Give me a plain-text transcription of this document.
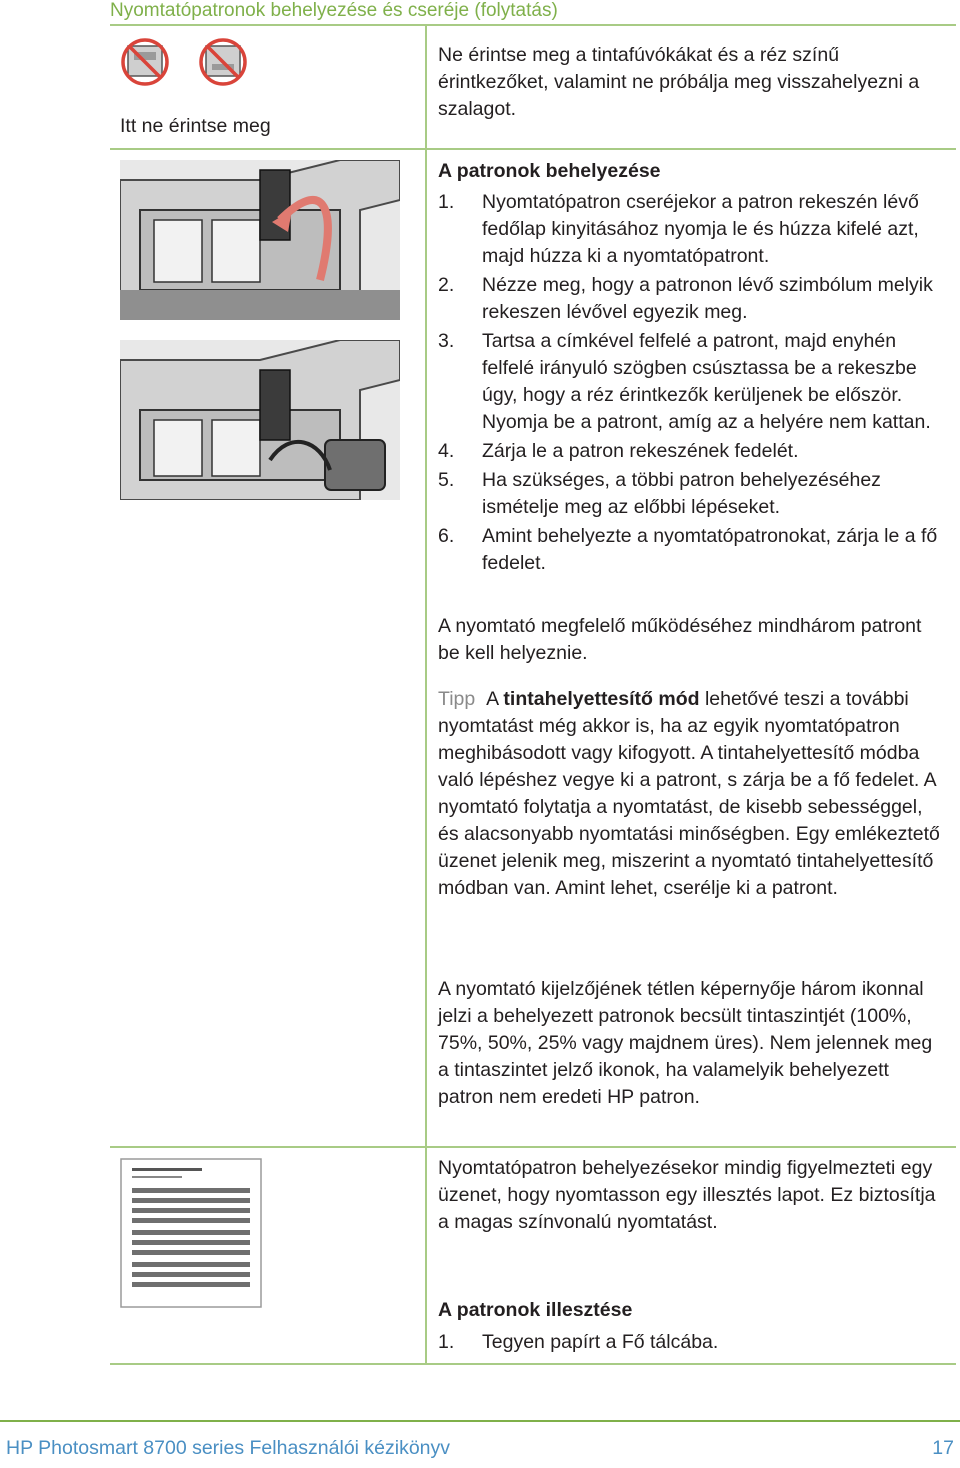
Nyomtatópatronok behelyezése és cseréje (folytatás)
Itt ne érintse meg
Ne érintse meg a tintafúvókákat és a réz színű érintkezőket, valamint ne próbálja meg visszahelyezni a szalagot.
A patronok behelyezése
1. Nyomtatópatron cseréjekor a patron rekeszén lévő fedőlap kinyitásához nyomja le és húzza kifelé azt, majd húzza ki a nyomtatópatront.
2. Nézze meg, hogy a patronon lévő szimbólum melyik rekeszen lévővel egyezik meg.
3. Tartsa a címkével felfelé a patront, majd enyhén felfelé irányuló szögben csúsztassa be a rekeszbe úgy, hogy a réz érintkezők kerüljenek be először. Nyomja be a patront, amíg az a helyére nem kattan.
4. Zárja le a patron rekeszének fedelét.
5. Ha szükséges, a többi patron behelyezéséhez ismételje meg az előbbi lépéseket.
6. Amint behelyezte a nyomtatópatronokat, zárja le a fő fedelet.
A nyomtató megfelelő működéséhez mindhárom patront be kell helyeznie.
Tipp A tintahelyettesítő mód lehetővé teszi a további nyomtatást még akkor is, ha az egyik nyomtatópatron meghibásodott vagy kifogyott. A tintahelyettesítő módba való lépéshez vegye ki a patront, s zárja be a fő fedelet. A nyomtató folytatja a nyomtatást, de kisebb sebességgel, és alacsonyabb nyomtatási minőségben. Egy emlékeztető üzenet jelenik meg, miszerint a nyomtató tintahelyettesítő módban van. Amint lehet, cserélje ki a patront.
A nyomtató kijelzőjének tétlen képernyője három ikonnal jelzi a behelyezett patronok becsült tintaszintjét (100%, 75%, 50%, 25% vagy majdnem üres). Nem jelennek meg a tintaszintet jelző ikonok, ha valamelyik behelyezett patron nem eredeti HP patron.
Nyomtatópatron behelyezésekor mindig figyelmezteti egy üzenet, hogy nyomtasson egy illesztés lapot. Ez biztosítja a magas színvonalú nyomtatást.
A patronok illesztése
1. Tegyen papírt a Fő tálcába.
HP Photosmart 8700 series Felhasználói kézikönyv	17
